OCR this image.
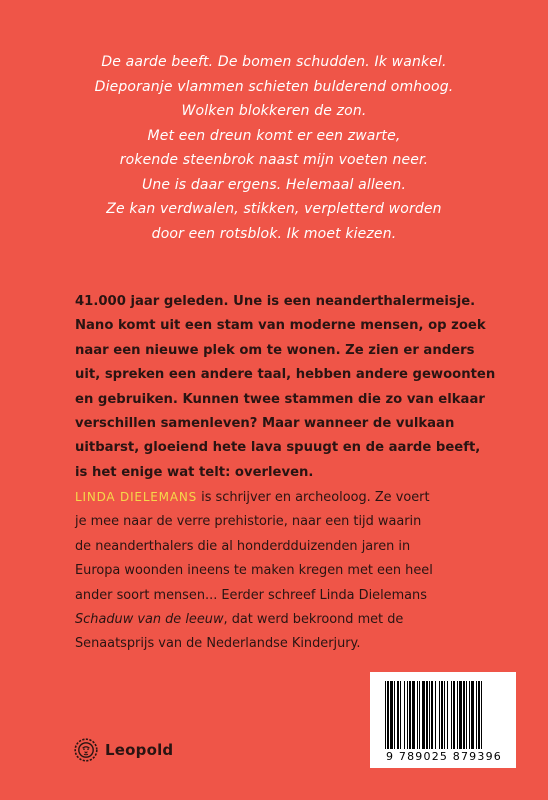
De aarde beeft. De bomen schudden. Ik wankel.
Dieporanje vlammen schieten bulderend omhoog.
Wolken blokkeren de zon.
Met een dreun komt er een zwarte,
rokende steenbrok naast mijn voeten neer.
Une is daar ergens. Helemaal alleen.
Ze kan verdwalen, stikken, verpletterd worden
door een rotsblok. Ik moet kiezen.
41.000 jaar geleden. Une is een neanderthalermeisje.
Nano komt uit een stam van moderne mensen, op zoek
naar een nieuwe plek om te wonen. Ze zien er anders
uit, spreken een andere taal, hebben andere gewoonten
en gebruiken. Kunnen twee stammen die zo van elkaar
verschillen samenleven? Maar wanneer de vulkaan
uitbarst, gloeiend hete lava spuugt en de aarde beeft,
is het enige wat telt: overleven.
LINDA DIELEMANS is schrijver en archeoloog. Ze voert
je mee naar de verre prehistorie, naar een tijd waarin
de neanderthalers die al honderdduizenden jaren in
Europa woonden ineens te maken kregen met een heel
ander soort mensen... Eerder schreef Linda Dielemans
Schaduw van de leeuw, dat werd bekroond met de
Senaatsprijs van de Nederlandse Kinderjury.
Leopold	9 789025 879396
